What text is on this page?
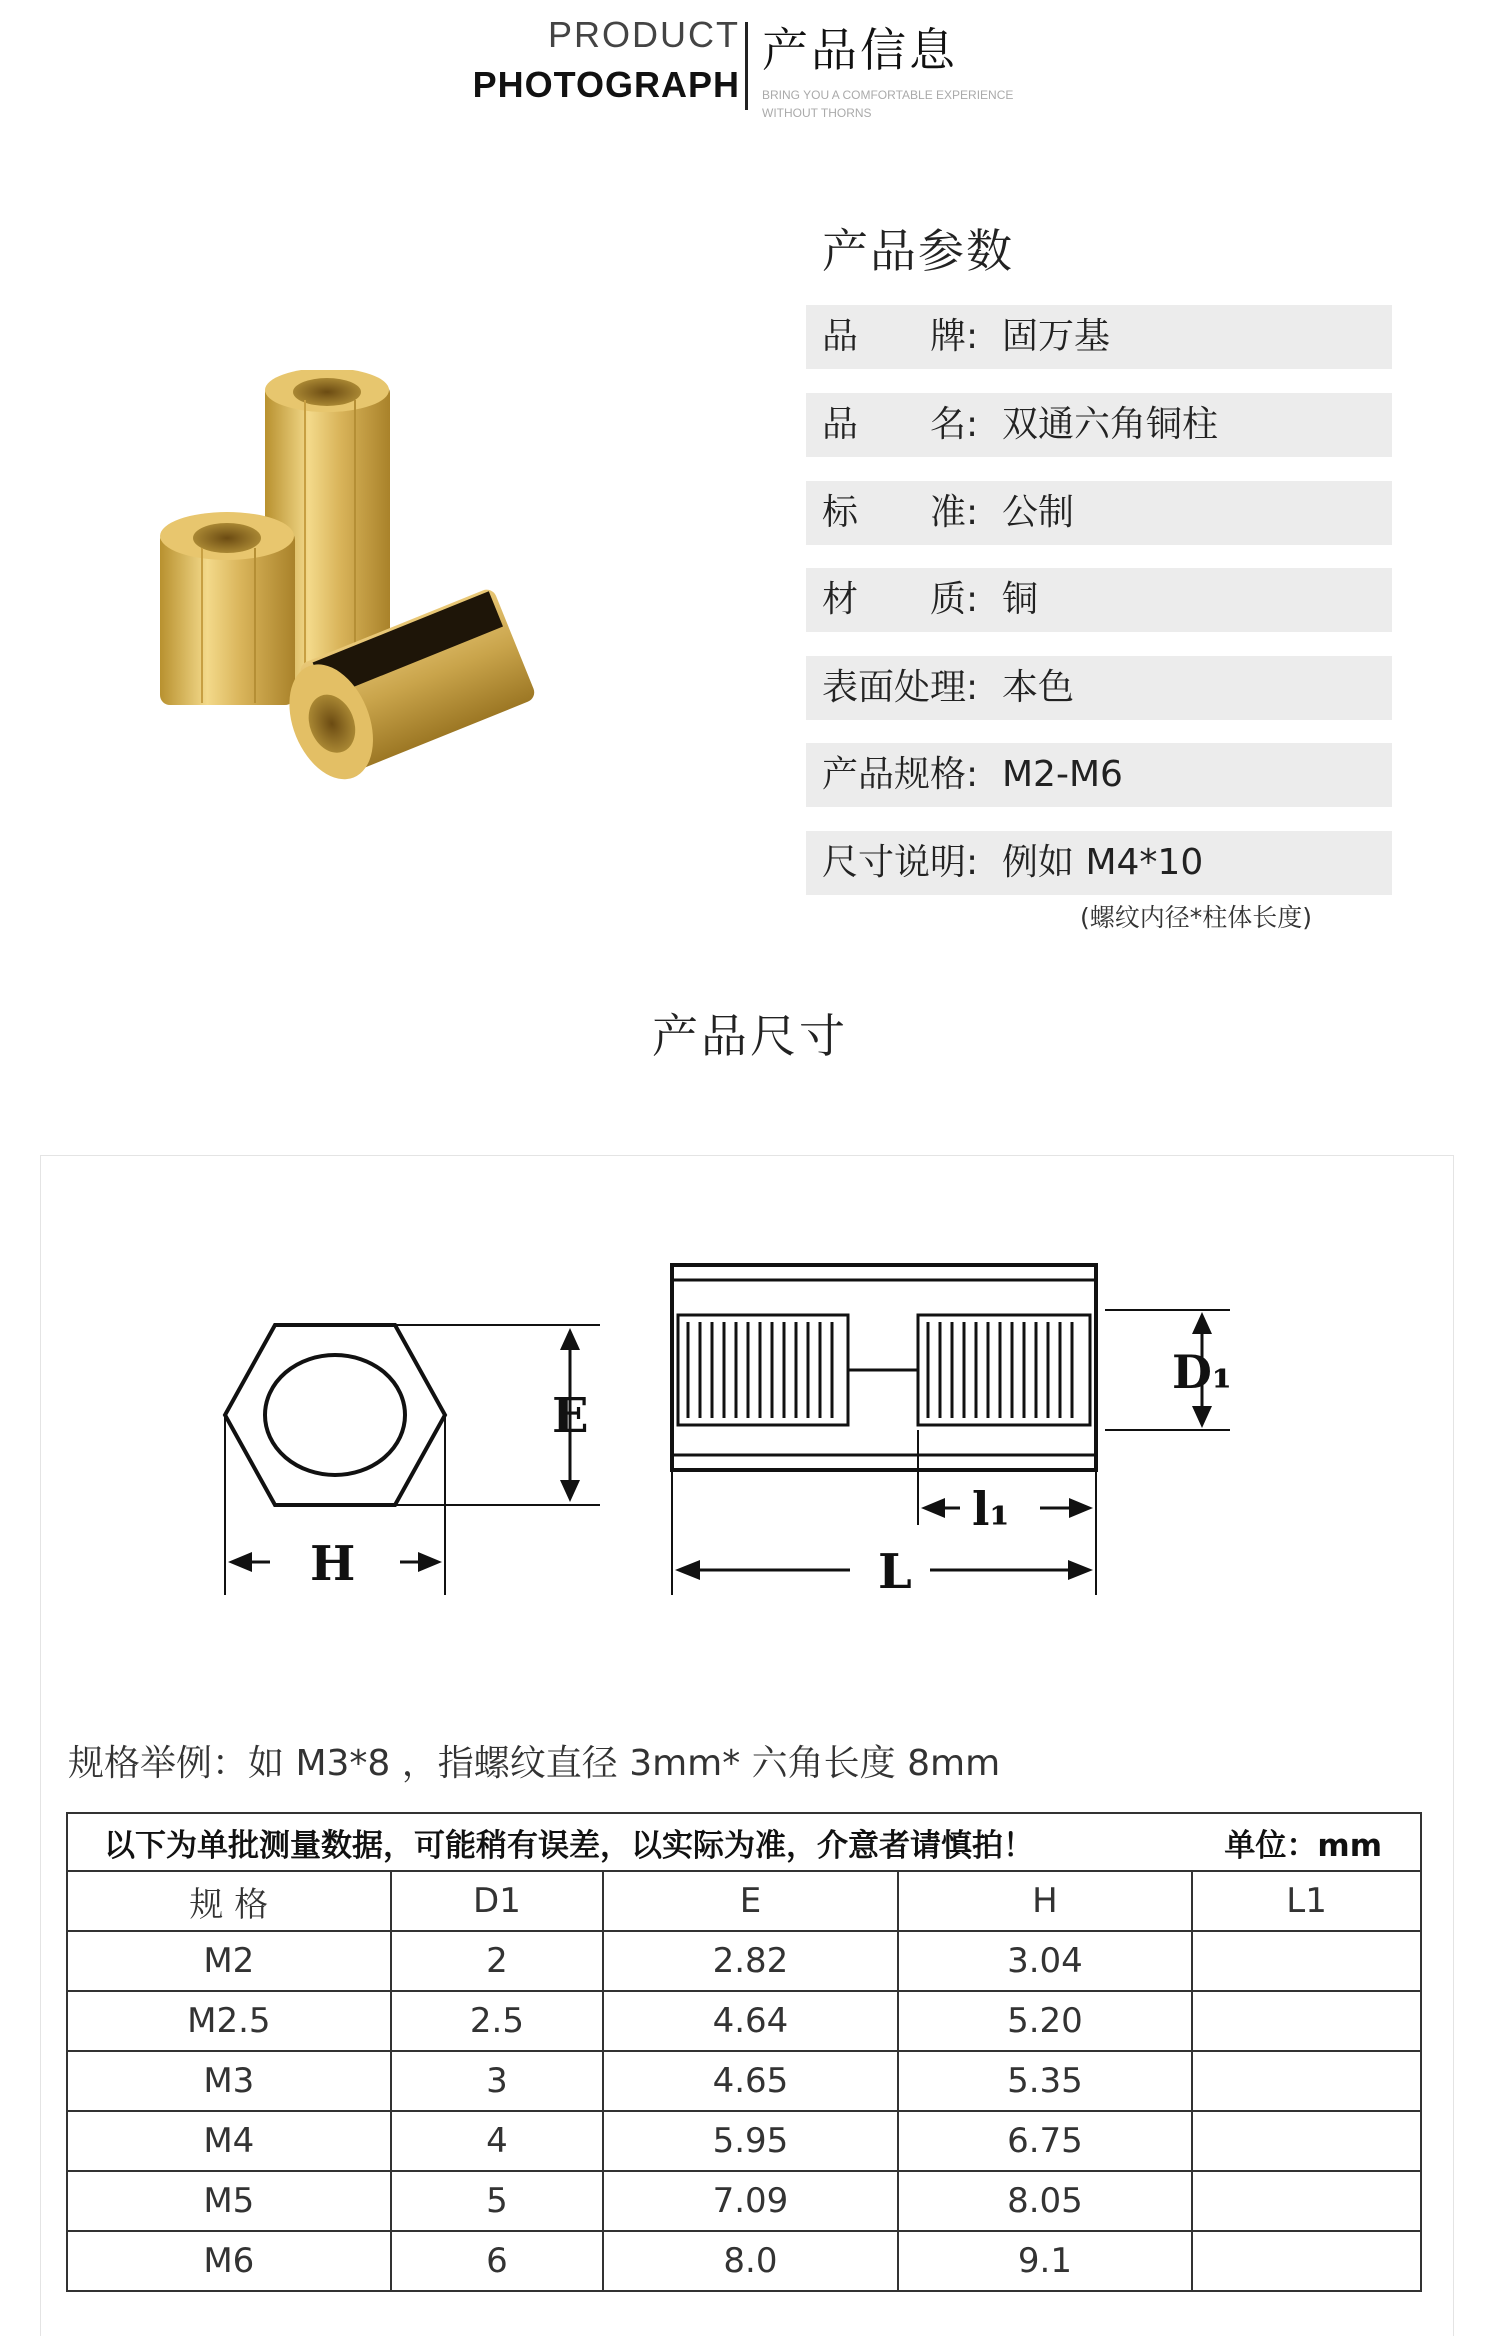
PRODUCT
PHOTOGRAPH
产品信息
BRING YOU A COMFORTABLE EXPERIENCE
WITHOUT THORNS
产品参数
品　　牌: 固万基
品　　名: 双通六角铜柱
标　　准: 公制
材　　质: 铜
表面处理: 本色
产品规格: M2-M6
尺寸说明: 例如 M4*10
(螺纹内径*柱体长度)
产品尺寸
E
H
D₁
l₁
L
规格举例：如 M3*8 ，指螺纹直径 3mm* 六角长度 8mm
以下为单批测量数据，可能稍有误差，以实际为准，介意者请慎拍！				单位：mm
规 格	D1	E	H	L1
M2	2	2.82	3.04	
M2.5	2.5	4.64	5.20	
M3	3	4.65	5.35	
M4	4	5.95	6.75	
M5	5	7.09	8.05	
M6	6	8.0	9.1	
